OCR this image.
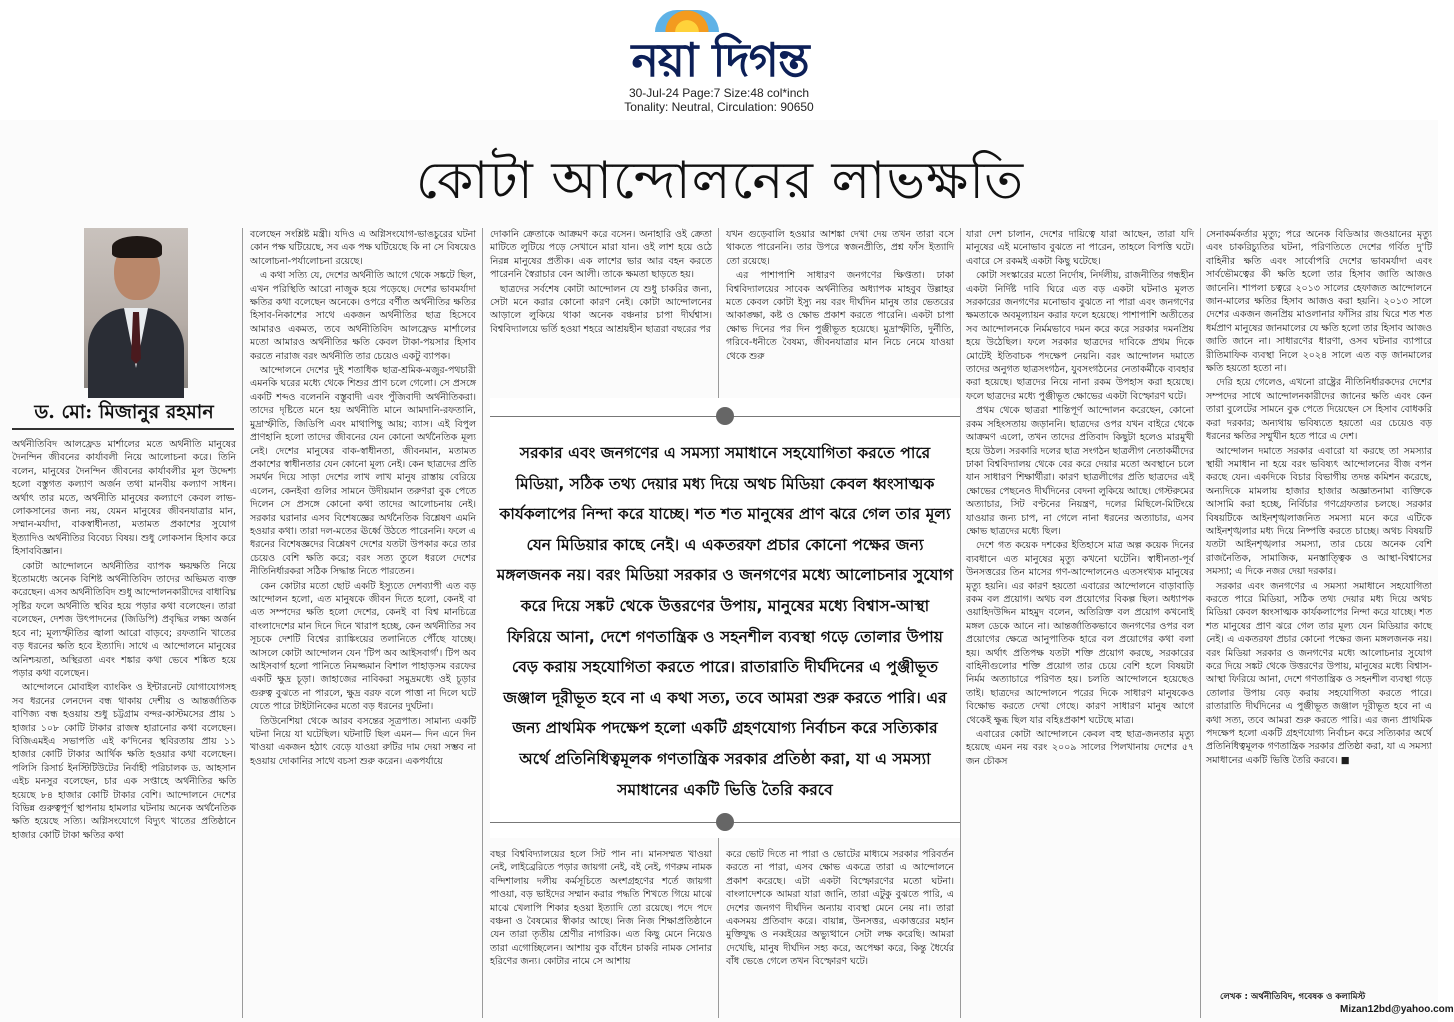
নয়া দিগন্ত
30-Jul-24 Page:7 Size:48 col*inch
Tonality: Neutral, Circulation: 90650
কোটা আন্দোলনের লাভক্ষতি
ড. মো: মিজানুর রহমান

অর্থনীতিবিদ আলফ্রেড মার্শালের মতে অর্থনীতি মানুষের দৈনন্দিন জীবনের কার্যাবলী নিয়ে আলোচনা করে। তিনি বলেন, মানুষের দৈনন্দিন জীবনের কার্যাবলীর মূল উদ্দেশ্য হলো বস্তুগত কল্যাণ অর্জন তথা মানবীয় কল্যাণ সাধন। অর্থাৎ তার মতে, অর্থনীতি মানুষের কল্যাণে কেবল লাভ-লোকসানের জন্য নয়, যেমন মানুষের জীবনযাত্রার মান, সম্মান-মর্যাদা, বাকস্বাধীনতা, মতামত প্রকাশের সুযোগ ইত্যাদিও অর্থনীতির বিবেচ্য বিষয়। শুধু লোকসান হিসাব করে হিসাববিজ্ঞান।

কোটা আন্দোলনে অর্থনীতির ব্যাপক ক্ষয়ক্ষতি নিয়ে ইতোমধ্যে অনেক বিশিষ্ট অর্থনীতিবিদ তাদের অভিমত ব্যক্ত করেছেন। এসব অর্থনীতিবিদ শুধু আন্দোলনকারীদের বাধাবিঘ্ন সৃষ্টির ফলে অর্থনীতি স্থবির হয়ে পড়ার কথা বলেছেন। তারা বলেছেন, দেশজ উৎপাদনের (জিডিপি) প্রবৃদ্ধির লক্ষ্য অর্জন হবে না; মূল্যস্ফীতির জ্বালা আরো বাড়বে; রফতানি খাতের বড় ধরনের ক্ষতি হবে ইত্যাদি। সাথে এ আন্দোলনে মানুষের অনিশ্চয়তা, অস্থিরতা এবং শঙ্কার কথা ভেবে শঙ্কিত হয়ে পড়ার কথা বলেছেন।

আন্দোলনে মোবাইল ব্যাংকিং ও ইন্টারনেট যোগাযোগসহ সব ধরনের লেনদেন বন্ধ থাকায় দেশীয় ও আন্তর্জাতিক বাণিজ্য বন্ধ হওয়ায় শুধু চট্টগ্রাম বন্দর-কাস্টমসের প্রায় ১ হাজার ১০৮ কোটি টাকার রাজস্ব হারানোর কথা বলেছেন। বিজিএমইএ সভাপতি এই ক'দিনের স্থবিরতায় প্রায় ১১ হাজার কোটি টাকার আর্থিক ক্ষতি হওয়ার কথা বলেছেন। পলিসি রিসার্চ ইনস্টিটিউটের নির্বাহী পরিচালক ড. আহসান এইচ মনসুর বলেছেন, চার এক সপ্তাহে অর্থনীতির ক্ষতি হয়েছে ৮৪ হাজার কোটি টাকার বেশি। আন্দোলনে দেশের বিভিন্ন গুরুত্বপূর্ণ স্থাপনায় হামলার ঘটনায় অনেক অর্থনৈতিক ক্ষতি হয়েছে সত্যি। অগ্নিসংযোগে বিদ্যুৎ খাতের প্রতিষ্ঠানে হাজার কোটি টাকা ক্ষতির কথা

বলেছেন সংশ্লিষ্ট মন্ত্রী। যদিও এ অগ্নিসংযোগ-ভাঙচুরের ঘটনা কোন পক্ষ ঘটিয়েছে, সব এক পক্ষ ঘটিয়েছে কি না সে বিষয়েও আলোচনা-পর্যালোচনা রয়েছে।

এ কথা সত্যি যে, দেশের অর্থনীতি আগে থেকে সঙ্কটে ছিল, এখন পরিস্থিতি আরো নাজুক হয়ে পড়েছে। দেশের ভাবমর্যাদা ক্ষতির কথা বলেছেন অনেকে। ওপরে বর্ণীত অর্থনীতির ক্ষতির হিসাব-নিকাশের সাথে একজন অর্থনীতির ছাত্র হিসেবে আমারও একমত, তবে অর্থনীতিবিদ আলফ্রেড মার্শালের মতো আমারও অর্থনীতির ক্ষতি কেবল টাকা-পয়সার হিসাব করতে নারাজ বরং অর্থনীতি তার চেয়েও একটু ব্যাপক।

আন্দোলনে দেশের দুই শতাধিক ছাত্র-শ্রমিক-মজুর-পথচারী এমনকি ঘরের মধ্যে থেকে শিশুর প্রাণ চলে গেলো। সে প্রসঙ্গে একটি শব্দও বলেননি বস্তুবাদী এবং পুঁজিবাদী অর্থনীতিকরা। তাদের দৃষ্টিতে মনে হয় অর্থনীতি মানে আমদানি-রফতানি, মুদ্রাস্ফীতি, জিডিপি এবং মাথাপিছু আয়; ব্যাস। এই বিপুল প্রাণহানি হলো তাদের জীবনের যেন কোনো অর্থনৈতিক মূল্য নেই। দেশের মানুষের বাক-স্বাধীনতা, জীবনমান, মতামত প্রকাশের স্বাধীনতার যেন কোনো মূল্য নেই। কেন ছাত্রদের প্রতি সমর্থন দিয়ে সাড়া দেশের লাখ লাখ মানুষ রাস্তায় বেরিয়ে এলেন, কেনইবা গুলির সামনে উদীয়মান তরুণরা বুক পেতে দিলেন সে প্রসঙ্গে কোনো কথা তাদের আলোচনায় নেই। সরকার ঘরানার এসব বিশেষজ্ঞের অর্থনৈতিক বিশ্লেষণ এমনি হওয়ার কথা। তারা দল-মতের ঊর্ধ্বে উঠতে পারেননি। ফলে এ ধরনের বিশেষজ্ঞদের বিশ্লেষণ দেশের যতটা উপকার করে তার চেয়েও বেশি ক্ষতি করে; বরং সত্য তুলে ধরলে দেশের নীতিনির্ধারকরা সঠিক সিদ্ধান্ত নিতে পারতেন।

কেন কোটার মতো ছোট একটি ইস্যুতে দেশব্যাপী এত বড় আন্দোলন হলো, এত মানুষকে জীবন দিতে হলো, কেনই বা এত সম্পদের ক্ষতি হলো দেশের, কেনই বা বিশ্ব মানচিত্রে বাংলাদেশের মান দিনে দিনে খারাপ হচ্ছে, কেন অর্থনীতির সব সূচকে দেশটি বিশ্বের র‌্যাঙ্কিংয়ের তলানিতে পৌঁছে যাচ্ছে। আসলে কোটা আন্দোলন যেন 'টিপ অব আইসবার্গ'। টিপ অব আইসবার্গ হলো পানিতে নিমজ্জমান বিশাল পাহাড়সম বরফের একটি ক্ষুদ্র চূড়া। জাহাজের নাবিকরা সমুদ্রমধ্যে ওই চূড়ার গুরুত্ব বুঝতে না পারলে, ক্ষুদ্র বরফ বলে পাত্তা না দিলে ঘটে যেতে পারে টাইটানিকের মতো বড় ধরনের দুর্ঘটনা।

তিউনেশিয়া থেকে আরব বসন্তের সূত্রপাত। সামান্য একটি ঘটনা নিয়ে যা ঘটেছিল। ঘটনাটি ছিল এমন— দিন এনে দিন খাওয়া একজন হঠাৎ বেড়ে যাওয়া রুটির দাম দেয়া সম্ভব না হওয়ায় দোকানির সাথে বচসা শুরু করেন। একপর্যায়ে

দোকানি ক্রেতাকে আক্রমণ করে বসেন। অনাহারি ওই ক্রেতা মাটিতে লুটিয়ে পড়ে সেখানে মারা যান। ওই লাশ হয়ে ওঠে নিরন্ন মানুষের প্রতীক। এক লাশের ভার আর বহন করতে পারেননি স্বৈরাচার বেন আলী। তাকে ক্ষমতা ছাড়তে হয়।

ছাত্রদের সর্বশেষ কোটা আন্দোলন যে শুধু চাকরির জন্য, সেটা মনে করার কোনো কারণ নেই। কোটা আন্দোলনের আড়ালে লুকিয়ে থাকা অনেক বঞ্চনার চাপা দীর্ঘশ্বাস। বিশ্ববিদ্যালয়ে ভর্তি হওয়া শহরে আশ্রয়হীন ছাত্ররা বছরের পর

যখন গুড়েবালি হওয়ার আশঙ্কা দেখা দেয় তখন তারা বসে থাকতে পারেননি। তার উপরে স্বজনপ্রীতি, প্রশ্ন ফাঁস ইত্যাদি তো রয়েছে।

এর পাশাপাশি সাধারণ জনগণের ক্ষিপ্ততা। ঢাকা বিশ্ববিদ্যালয়ের সাবেক অর্থনীতির অধ্যাপক মাহবুব উল্লাহর মতে কেবল কোটা ইস্যু নয় বরং দীর্ঘদিন মানুষ তার ভেতরের আকাঙ্ক্ষা, কষ্ট ও ক্ষোভ প্রকাশ করতে পারেনি। একটা চাপা ক্ষোভ দিনের পর দিন পুঞ্জীভূত হয়েছে। মুদ্রাস্ফীতি, দুর্নীতি, গরিবে-ধনীতে বৈষম্য, জীবনযাত্রার মান নিচে নেমে যাওয়া থেকে শুরু

সরকার এবং জনগণের এ সমস্যা সমাধানে সহযোগিতা করতে পারে মিডিয়া, সঠিক তথ্য দেয়ার মধ্য দিয়ে অথচ মিডিয়া কেবল ধ্বংসাত্মক কার্যকলাপের নিন্দা করে যাচ্ছে। শত শত মানুষের প্রাণ ঝরে গেল তার মূল্য যেন মিডিয়ার কাছে নেই। এ একতরফা প্রচার কোনো পক্ষের জন্য মঙ্গলজনক নয়। বরং মিডিয়া সরকার ও জনগণের মধ্যে আলোচনার সুযোগ করে দিয়ে সঙ্কট থেকে উত্তরণের উপায়, মানুষের মধ্যে বিশ্বাস-আস্থা ফিরিয়ে আনা, দেশে গণতান্ত্রিক ও সহনশীল ব্যবস্থা গড়ে তোলার উপায় বেড় করায় সহযোগিতা করতে পারে। রাতারাতি দীর্ঘদিনের এ পুঞ্জীভূত জঞ্জাল দূরীভূত হবে না এ কথা সত্য, তবে আমরা শুরু করতে পারি। এর জন্য প্রাথমিক পদক্ষেপ হলো একটি গ্রহণযোগ্য নির্বাচন করে সত্যিকার অর্থে প্রতিনিধিত্বমূলক গণতান্ত্রিক সরকার প্রতিষ্ঠা করা, যা এ সমস্যা সমাধানের একটি ভিত্তি তৈরি করবে

বছর বিশ্ববিদ্যালয়ের হলে সিট পান না। মানসম্মত খাওয়া নেই, লাইব্রেরিতে পড়ার জায়গা নেই, বই নেই, গণরুম নামক বন্দিশালায় দলীয় কর্মসূচিতে অংশগ্রহণের শর্তে জায়গা পাওয়া, বড় ভাইদের সম্মান করার পদ্ধতি শিখতে গিয়ে মাঝে মাঝে খেলাপি শিকার হওয়া ইত্যাদি তো রয়েছে। পদে পদে বঞ্চনা ও বৈষম্যের স্বীকার আছে। নিজ নিজ শিক্ষাপ্রতিষ্ঠানে যেন তারা তৃতীয় শ্রেণীর নাগরিক। এত কিছু মেনে নিয়েও তারা এগোচ্ছিলেন। আশায় বুক বাঁধেন চাকরি নামক সোনার হরিণের জন্য। কোটার নামে সে আশায়

করে ভোট দিতে না পারা ও ভোটের মাধ্যমে সরকার পরিবর্তন করতে না পারা, এসব ক্ষোভ একত্রে তারা এ আন্দোলনে প্রকাশ করেছে। এটা একটা বিস্ফোরণের মতো ঘটনা। বাংলাদেশকে আমরা যারা জানি, তারা এটুকু বুঝতে পারি, এ দেশের জনগণ দীর্ঘদিন অন্যায় ব্যবস্থা মেনে নেয় না। তারা একসময় প্রতিবাদ করে। বায়ান্ন, উনসত্তর, একাত্তরের মহান মুক্তিযুদ্ধ ও নব্বইয়ের অভ্যুত্থানে সেটা লক্ষ করেছি। আমরা দেখেছি, মানুষ দীর্ঘদিন সহ্য করে, অপেক্ষা করে, কিন্তু ধৈর্যের বাঁধ ভেঙে গেলে তখন বিস্ফোরণ ঘটে।

যারা দেশ চালান, দেশের দায়িত্বে যারা আছেন, তারা যদি মানুষের এই মনোভাব বুঝতে না পারেন, তাহলে বিপত্তি ঘটে। এবারে সে রকমই একটা কিছু ঘটেছে।

কোটা সংস্কারের মতো নির্দোষ, নির্দলীয়, রাজনীতির গন্ধহীন একটা নির্দিষ্ট দাবি ঘিরে এত বড় একটা ঘটনাও মূলত সরকারের জনগণের মনোভাব বুঝতে না পারা এবং জনগণের ক্ষমতাকে অবমূল্যায়ন করার ফলে হয়েছে। পাশাপাশি অতীতের সব আন্দোলনকে নির্মমভাবে দমন করে করে সরকার দমনপ্রিয় হয়ে উঠেছিল। ফলে সরকার ছাত্রদের দাবিকে প্রথম দিকে মোটেই ইতিবাচক পদক্ষেপ নেয়নি। বরং আন্দোলন দমাতে তাদের অনুগত ছাত্রসংগঠন, যুবসংগঠনের নেতাকর্মীকে ব্যবহার করা হয়েছে। ছাত্রদের নিয়ে নানা রকম উপহাস করা হয়েছে। ফলে ছাত্রদের মধ্যে পুঞ্জীভূত ক্ষোভের একটা বিস্ফোরণ ঘটে।

প্রথম থেকে ছাত্ররা শান্তিপূর্ণ আন্দোলন করেছেন, কোনো রকম সহিংসতায় জড়াননি। ছাত্রদের ওপর যখন বাইরে থেকে আক্রমণ এলো, তখন তাদের প্রতিবাদ কিছুটা হলেও মারমুখী হয়ে উঠল। সরকারি দলের ছাত্র সংগঠন ছাত্রলীগ নেতাকর্মীদের ঢাকা বিশ্ববিদ্যালয় থেকে বের করে দেয়ার মতো অবস্থানে চলে যান সাধারণ শিক্ষার্থীরা। কারণ ছাত্রলীগের প্রতি ছাত্রদের এই ক্ষোভের পেছনেও দীর্ঘদিনের বেদনা লুকিয়ে আছে। গেস্টরুমের অত্যাচার, সিট বণ্টনের নিয়ন্ত্রণ, দলের মিছিলে-মিটিংয়ে যাওয়ার জন্য চাপ, না গেলে নানা ধরনের অত্যাচার, এসব ক্ষোভ ছাত্রদের মধ্যে ছিল।

দেশে গত কয়েক দশকের ইতিহাসে মাত্র অল্প কয়েক দিনের ব্যবধানে এত মানুষের মৃত্যু কখনো ঘটেনি। স্বাধীনতা-পূর্ব উনসত্তরের তিন মাসের গণ-আন্দোলনেও এতসংখ্যক মানুষের মৃত্যু হয়নি। এর কারণ হয়তো এবারের আন্দোলনে বাড়াবাড়ি রকম বল প্রয়োগ। অথচ বল প্রয়োগের বিকল্প ছিল। অধ্যাপক ওয়াহিদউদ্দিন মাহমুদ বলেন, অতিরিক্ত বল প্রয়োগ কখনোই মঙ্গল ডেকে আনে না। আন্তর্জাতিকভাবে জনগণের ওপর বল প্রয়োগের ক্ষেত্রে আনুপাতিক হারে বল প্রয়োগের কথা বলা হয়। অর্থাৎ প্রতিপক্ষ যতটা শক্তি প্রয়োগ করছে, সরকারের বাহিনীগুলোর শক্তি প্রয়োগ তার চেয়ে বেশি হলে বিষয়টা নির্মম অত্যাচারে পরিণত হয়। চলতি আন্দোলনে হয়েছেও তাই। ছাত্রদের আন্দোলনে পরের দিকে সাধারণ মানুষকেও বিক্ষোভ করতে দেখা গেছে। কারণ সাধারণ মানুষ আগে থেকেই ক্ষুব্ধ ছিল যার বহিঃপ্রকাশ ঘটেছে মাত্র।

এবারের কোটা আন্দোলনে কেবল বহু ছাত্র-জনতার মৃত্যু হয়েছে এমন নয় বরং ২০০৯ সালের পিলখানায় দেশের ৫৭ জন চৌকস

সেনাকর্মকর্তার মৃত্যু; পরে অনেক বিডিআর জওয়ানের মৃত্যু এবং চাকরিচ্যুতির ঘটনা, পরিণতিতে দেশের গর্বিত দু'টি বাহিনীর ক্ষতি এবং সার্বোপরি দেশের ভাবমর্যাদা এবং সার্বভৌমত্বের কী ক্ষতি হলো তার হিসাব জাতি আজও জানেনি। শাপলা চত্বরে ২০১৩ সালের হেফাজত আন্দোলনে জান-মালের ক্ষতির হিসাব আজও করা হয়নি। ২০১৩ সালে দেশের একজন জনপ্রিয় মাওলানার ফাঁসির রায় ঘিরে শত শত ধর্মপ্রাণ মানুষের জানমালের যে ক্ষতি হলো তার হিসাব আজও জাতি জানে না। সাধারণের ধারণা, ওসব ঘটনার ব্যাপারে রীতিমাফিক ব্যবস্থা নিলে ২০২৪ সালে এত বড় জানমালের ক্ষতি হয়তো হতো না।

দেরি হয়ে গেলেও, এখনো রাষ্ট্রের নীতিনির্ধারকদের দেশের সম্পদের সাথে আন্দোলনকারীদের জানের ক্ষতি এবং কেন তারা বুলেটের সামনে বুক পেতে দিয়েছেন সে হিসাব বোধকরি করা দরকার; অন্যথায় ভবিষ্যতে হয়তো এর চেয়েও বড় ধরনের ক্ষতির সম্মুখীন হতে পারে এ দেশ।

আন্দোলন দমাতে সরকার এবারো যা করছে তা সমস্যার স্থায়ী সমাধান না হয়ে বরং ভবিষ্যৎ আন্দোলনের বীজ বপন করছে যেন। একদিকে বিচার বিভাগীয় তদন্ত কমিশন করেছে, অন্যদিকে মামলায় হাজার হাজার অজ্ঞাতনামা ব্যক্তিকে আসামি করা হচ্ছে, নির্বিচার গণগ্রেফতার চলছে। সরকার বিষয়টিকে আইনশৃঙ্খলাজনিত সমস্যা মনে করে এটিকে আইনশৃঙ্খলার মধ্য দিয়ে নিষ্পত্তি করতে চাচ্ছে। অথচ বিষয়টি যতটা আইনশৃঙ্খলার সমস্যা, তার চেয়ে অনেক বেশি রাজনৈতিক, সামাজিক, মনস্তাত্ত্বিক ও আস্থা-বিশ্বাসের সমস্যা; এ দিকে নজর দেয়া দরকার।

সরকার এবং জনগণের এ সমস্যা সমাধানে সহযোগিতা করতে পারে মিডিয়া, সঠিক তথ্য দেয়ার মধ্য দিয়ে অথচ মিডিয়া কেবল ধ্বংসাত্মক কার্যকলাপের নিন্দা করে যাচ্ছে। শত শত মানুষের প্রাণ ঝরে গেল তার মূল্য যেন মিডিয়ার কাছে নেই। এ একতরফা প্রচার কোনো পক্ষের জন্য মঙ্গলজনক নয়। বরং মিডিয়া সরকার ও জনগণের মধ্যে আলোচনার সুযোগ করে দিয়ে সঙ্কট থেকে উত্তরণের উপায়, মানুষের মধ্যে বিশ্বাস-আস্থা ফিরিয়ে আনা, দেশে গণতান্ত্রিক ও সহনশীল ব্যবস্থা গড়ে তোলার উপায় বেড় করায় সহযোগিতা করতে পারে। রাতারাতি দীর্ঘদিনের এ পুঞ্জীভূত জঞ্জাল দূরীভূত হবে না এ কথা সত্য, তবে আমরা শুরু করতে পারি। এর জন্য প্রাথমিক পদক্ষেপ হলো একটি গ্রহণযোগ্য নির্বাচন করে সত্যিকার অর্থে প্রতিনিধিত্বমূলক গণতান্ত্রিক সরকার প্রতিষ্ঠা করা, যা এ সমস্যা সমাধানের একটি ভিত্তি তৈরি করবে। ■

লেখক : অর্থনীতিবিদ, গবেষক ও কলামিস্ট
Mizan12bd@yahoo.com
